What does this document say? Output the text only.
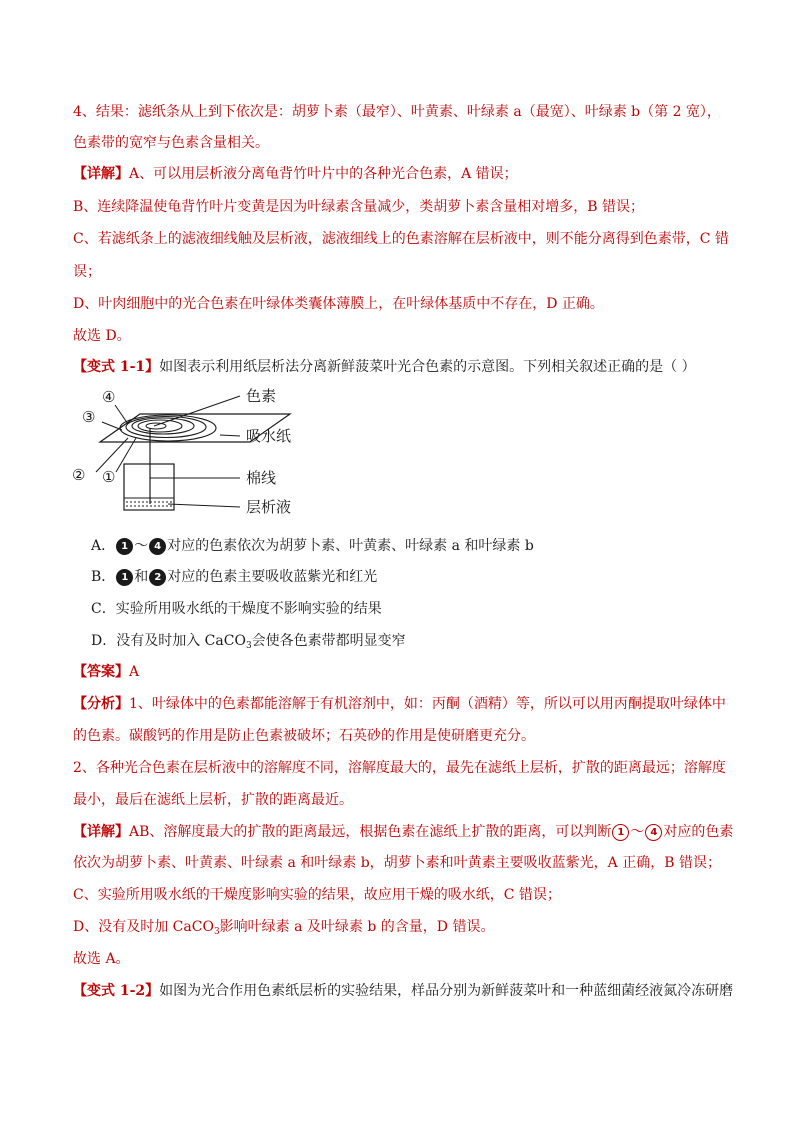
4、结果：滤纸条从上到下依次是：胡萝卜素（最窄）、叶黄素、叶绿素 a（最宽）、叶绿素 b（第 2 宽），
色素带的宽窄与色素含量相关。
【详解】A、可以用层析液分离龟背竹叶片中的各种光合色素，A 错误；
B、连续降温使龟背竹叶片变黄是因为叶绿素含量减少，类胡萝卜素含量相对增多，B 错误；
C、若滤纸条上的滤液细线触及层析液，滤液细线上的色素溶解在层析液中，则不能分离得到色素带，C 错
误；
D、叶肉细胞中的光合色素在叶绿体类囊体薄膜上，在叶绿体基质中不存在，D 正确。
故选 D。
【变式 1-1】如图表示利用纸层析法分离新鲜菠菜叶光合色素的示意图。下列相关叙述正确的是（ ）
色素
吸水纸
棉线
层析液
④
③
② ①
A． 1 ～ 4 对应的色素依次为胡萝卜素、叶黄素、叶绿素 a 和叶绿素 b
B． 1 和 2 对应的色素主要吸收蓝紫光和红光
C．实验所用吸水纸的干燥度不影响实验的结果
D．没有及时加入 CaCO$_3$会使各色素带都明显变窄
【答案】A
【分析】1、叶绿体中的色素都能溶解于有机溶剂中，如：丙酮（酒精）等，所以可以用丙酮提取叶绿体中
的色素。碳酸钙的作用是防止色素被破坏；石英砂的作用是使研磨更充分。
2、各种光合色素在层析液中的溶解度不同，溶解度最大的，最先在滤纸上层析，扩散的距离最远；溶解度
最小，最后在滤纸上层析，扩散的距离最近。
【详解】AB、溶解度最大的扩散的距离最远，根据色素在滤纸上扩散的距离，可以判断 1 ～ 4 对应的色素
依次为胡萝卜素、叶黄素、叶绿素 a 和叶绿素 b，胡萝卜素和叶黄素主要吸收蓝紫光，A 正确，B 错误；
C、实验所用吸水纸的干燥度影响实验的结果，故应用干燥的吸水纸，C 错误；
D、没有及时加 CaCO$_3$影响叶绿素 a 及叶绿素 b 的含量，D 错误。
故选 A。
【变式 1-2】如图为光合作用色素纸层析的实验结果，样品分别为新鲜菠菜叶和一种蓝细菌经液氮冷冻研磨
